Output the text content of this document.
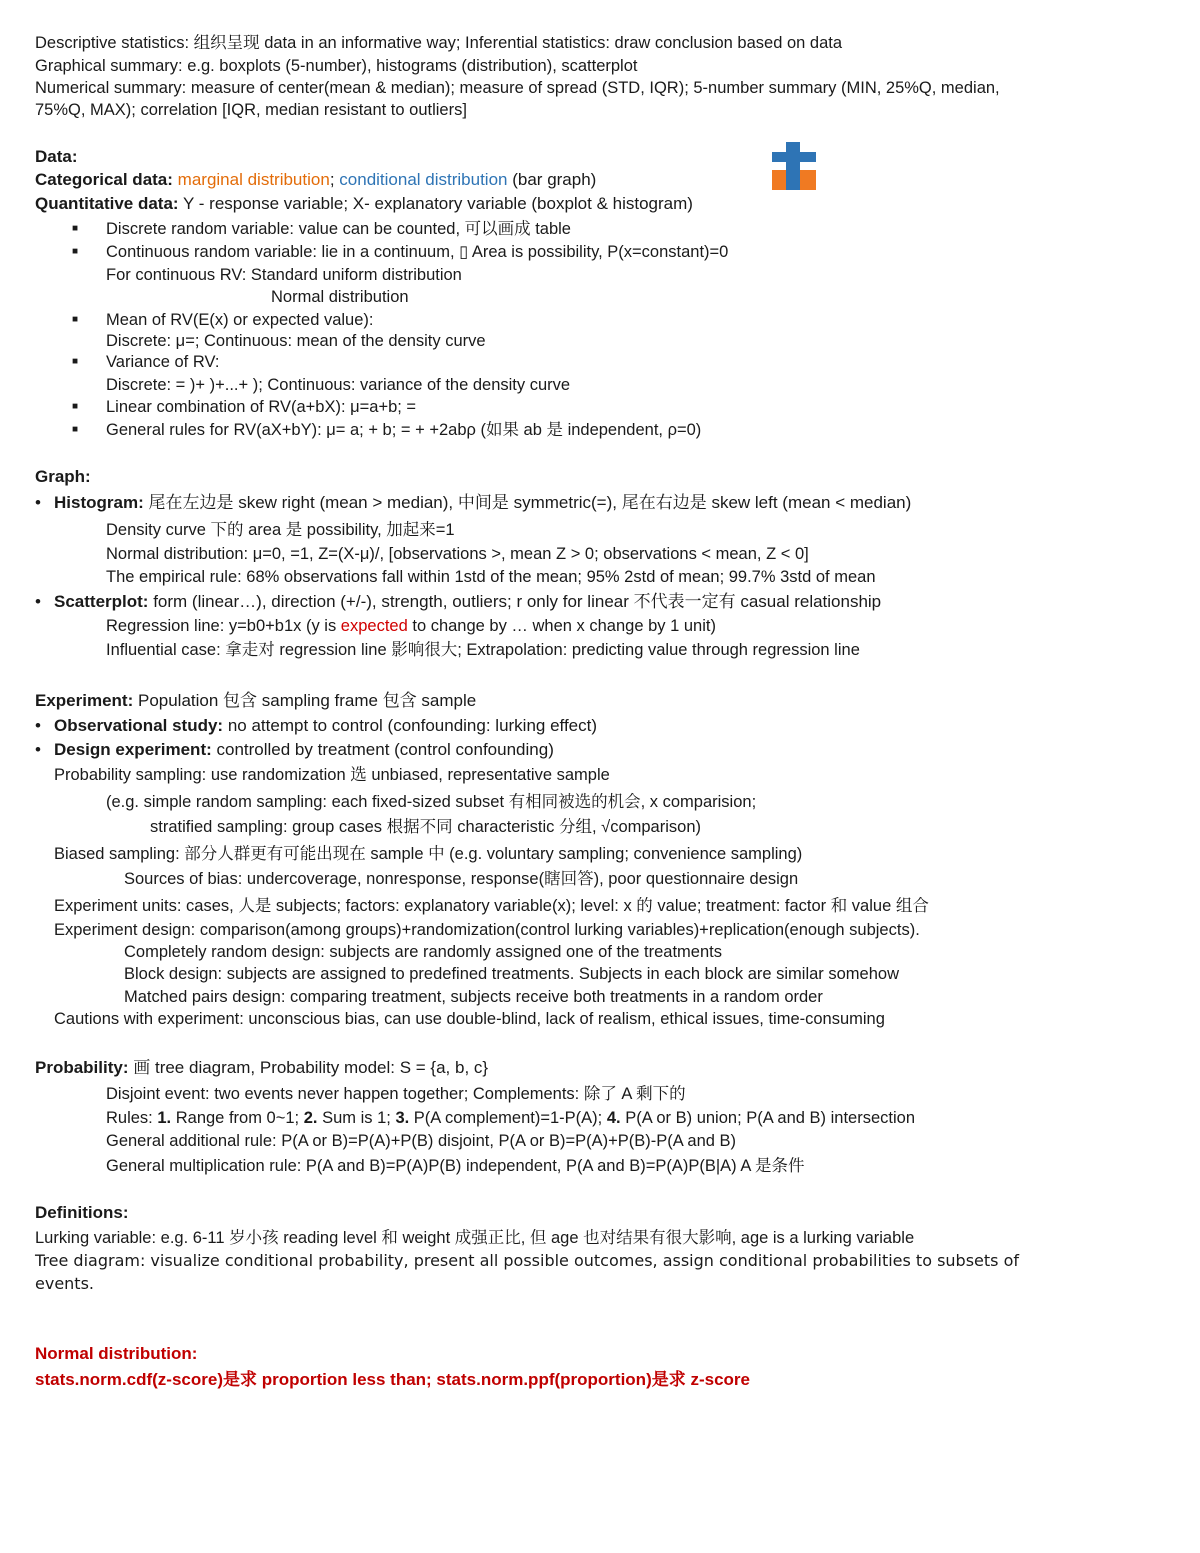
Descriptive statistics: 组织呈现 data in an informative way; Inferential statistics: draw conclusion based on data
Graphical summary: e.g. boxplots (5-number), histograms (distribution), scatterplot
Numerical summary: measure of center(mean & median); measure of spread (STD, IQR); 5-number summary (MIN, 25%Q, median,
75%Q, MAX); correlation [IQR, median resistant to outliers]
Data:
Categorical data: marginal distribution; conditional distribution (bar graph)
Quantitative data: Y - response variable; X- explanatory variable (boxplot & histogram)
■ Discrete random variable: value can be counted, 可以画成 table
■ Continuous random variable: lie in a continuum, ▯ Area is possibility, P(x=constant)=0
For continuous RV: Standard uniform distribution
Normal distribution
■ Mean of RV(E(x) or expected value):
Discrete: μ=; Continuous: mean of the density curve
■ Variance of RV:
Discrete: = )+ )+...+ ); Continuous: variance of the density curve
■ Linear combination of RV(a+bX): μ=a+b; =
■ General rules for RV(aX+bY): μ= a; + b; = + +2abρ (如果 ab 是 independent, ρ=0)
Graph:
• Histogram: 尾在左边是 skew right (mean > median), 中间是 symmetric(=), 尾在右边是 skew left (mean < median)
Density curve 下的 area 是 possibility, 加起来=1
Normal distribution: μ=0, =1, Z=(X-μ)/, [observations >, mean Z > 0; observations < mean, Z < 0]
The empirical rule: 68% observations fall within 1std of the mean; 95% 2std of mean; 99.7% 3std of mean
• Scatterplot: form (linear…), direction (+/-), strength, outliers; r only for linear 不代表一定有 casual relationship
Regression line: y=b0+b1x (y is expected to change by … when x change by 1 unit)
Influential case: 拿走对 regression line 影响很大; Extrapolation: predicting value through regression line
Experiment: Population 包含 sampling frame 包含 sample
• Observational study: no attempt to control (confounding: lurking effect)
• Design experiment: controlled by treatment (control confounding)
Probability sampling: use randomization 选 unbiased, representative sample
(e.g. simple random sampling: each fixed-sized subset 有相同被选的机会, x comparision;
stratified sampling: group cases 根据不同 characteristic 分组, √comparison)
Biased sampling: 部分人群更有可能出现在 sample 中 (e.g. voluntary sampling; convenience sampling)
Sources of bias: undercoverage, nonresponse, response(瞎回答), poor questionnaire design
Experiment units: cases, 人是 subjects; factors: explanatory variable(x); level: x 的 value; treatment: factor 和 value 组合
Experiment design: comparison(among groups)+randomization(control lurking variables)+replication(enough subjects).
Completely random design: subjects are randomly assigned one of the treatments
Block design: subjects are assigned to predefined treatments. Subjects in each block are similar somehow
Matched pairs design: comparing treatment, subjects receive both treatments in a random order
Cautions with experiment: unconscious bias, can use double-blind, lack of realism, ethical issues, time-consuming
Probability: 画 tree diagram, Probability model: S = {a, b, c}
Disjoint event: two events never happen together; Complements: 除了 A 剩下的
Rules: 1. Range from 0~1; 2. Sum is 1; 3. P(A complement)=1-P(A); 4. P(A or B) union; P(A and B) intersection
General additional rule: P(A or B)=P(A)+P(B) disjoint, P(A or B)=P(A)+P(B)-P(A and B)
General multiplication rule: P(A and B)=P(A)P(B) independent, P(A and B)=P(A)P(B|A) A 是条件
Definitions:
Lurking variable: e.g. 6-11 岁小孩 reading level 和 weight 成强正比, 但 age 也对结果有很大影响, age is a lurking variable
Tree diagram: visualize conditional probability, present all possible outcomes, assign conditional probabilities to subsets of
events.
Normal distribution:
stats.norm.cdf(z-score)是求 proportion less than; stats.norm.ppf(proportion)是求 z-score
